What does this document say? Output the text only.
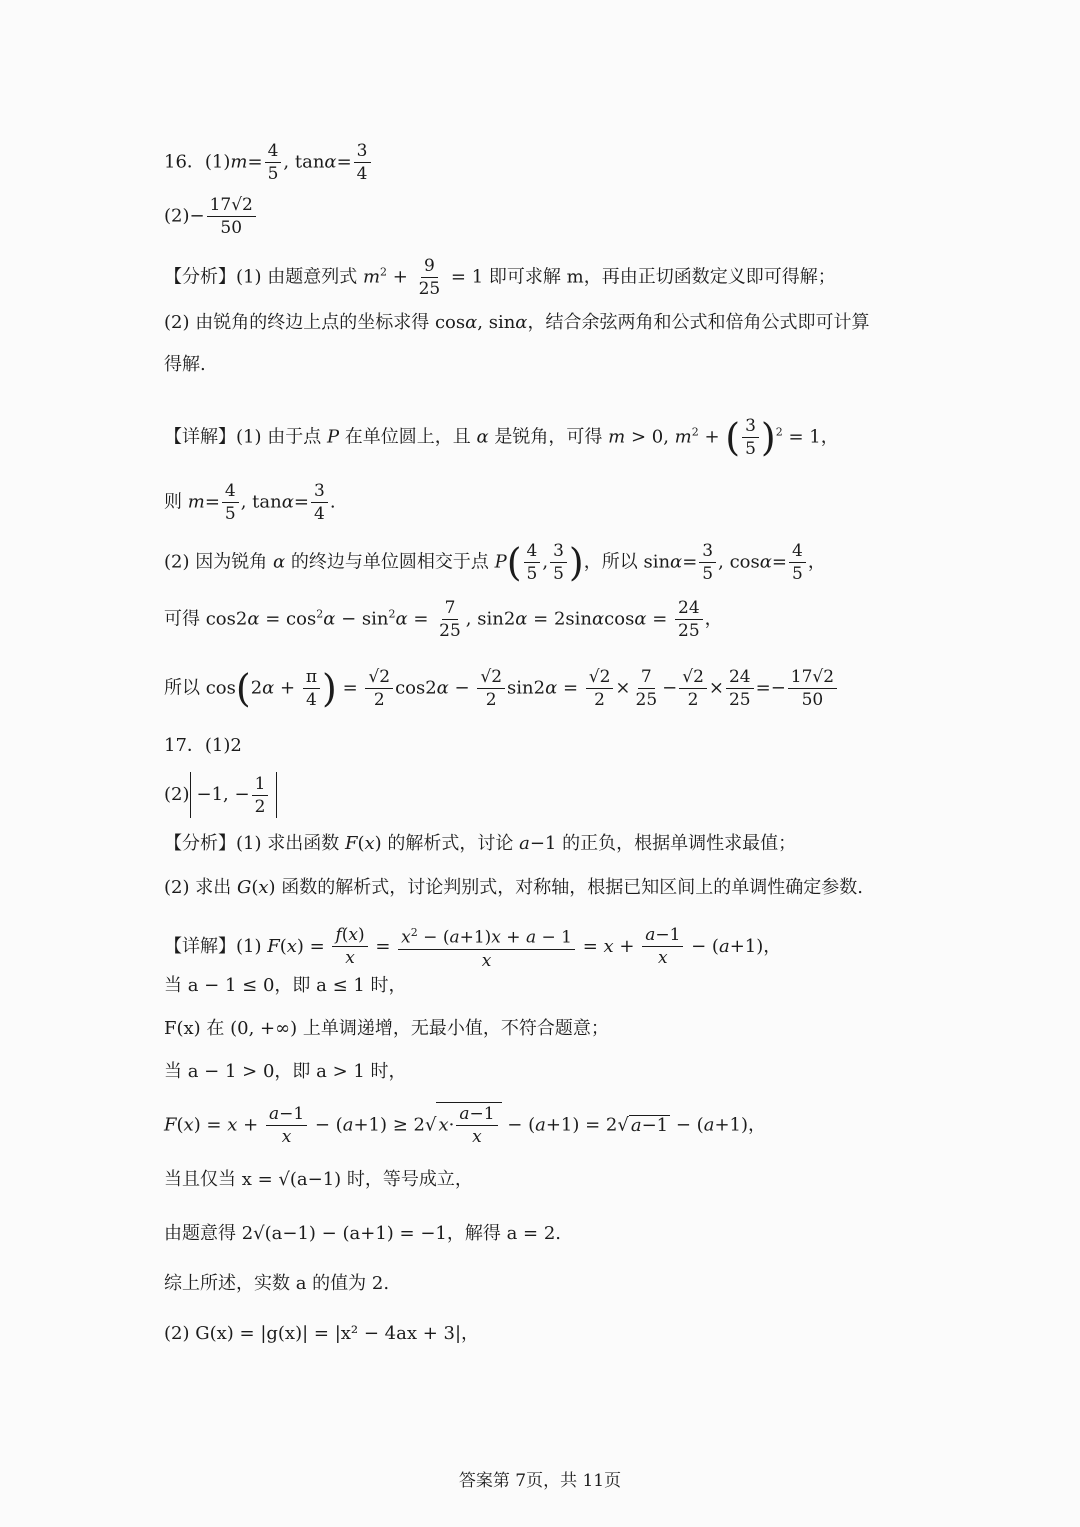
16．$(1)m= \frac{4}{5}$ , $\tan\alpha= \frac{3}{4}$
$(2)- \frac{17√2}{50}$
【分析】(1) 由题意列式 $m^2 + \frac{9}{25} = 1$ 即可求解 m，再由正切函数定义即可得解；
(2) 由锐角的终边上点的坐标求得 cosα, sinα，结合余弦两角和公式和倍角公式即可计算
得解.
【详解】(1) 由于点 P 在单位圆上，且 α 是锐角，可得 m > 0, $m^2$ + ( $\frac{3}{5} )^2 = 1$，
则 $m= \frac{4}{5}$ , $\tan\alpha= \frac{3}{4}$ .
(2) 因为锐角 α 的终边与单位圆相交于点 $P( \frac{4}{5}$ , $\frac{3}{5}$ )，所以 $\sin\alpha= \frac{3}{5}$ , $\cos\alpha= \frac{4}{5}$ ，
可得 $\cos 2\alpha = \cos^2\alpha - \sin^2\alpha = \frac{7}{25}$ , $\sin 2\alpha = 2\sin\alpha\cos\alpha = \frac{24}{25}$ ，
所以 $\cos(2\alpha + \frac{\pi}{4}$ ) = $\frac{√2}{2} \cos 2\alpha - \frac{√2}{2} \sin 2\alpha = \frac{√2}{2} \times \frac{7}{25} - \frac{√2}{2} \times \frac{24}{25} =- \frac{17√2}{50}$
17．(1)2
(2) −1, − $\frac{1}{2}$
【分析】(1) 求出函数 F(x) 的解析式，讨论 a−1 的正负，根据单调性求最值；
(2) 求出 G(x) 函数的解析式，讨论判别式，对称轴，根据已知区间上的单调性确定参数.
【详解】(1) $F(x) = \frac{f(x)}{x} = \frac{x^2 - (a+1)x + a - 1}{x} = x + \frac{a-1}{x} - (a+1)$，
当 a − 1 ≤ 0，即 a ≤ 1 时，
F(x) 在 (0, +∞) 上单调递增，无最小值，不符合题意；
当 a − 1 > 0，即 a > 1 时，
$F(x) = x + \frac{a-1}{x} - (a+1) \ge 2√$ $x\cdot \frac{a-1}{x} - (a+1) = 2√$ a−1 − (a+1)，
当且仅当 x = √(a−1) 时，等号成立，
由题意得 2√(a−1) − (a+1) = −1，解得 a = 2.
综上所述，实数 a 的值为 2.
(2) G(x) = |g(x)| = |x² − 4ax + 3|，
答案第 7页，共 11页
